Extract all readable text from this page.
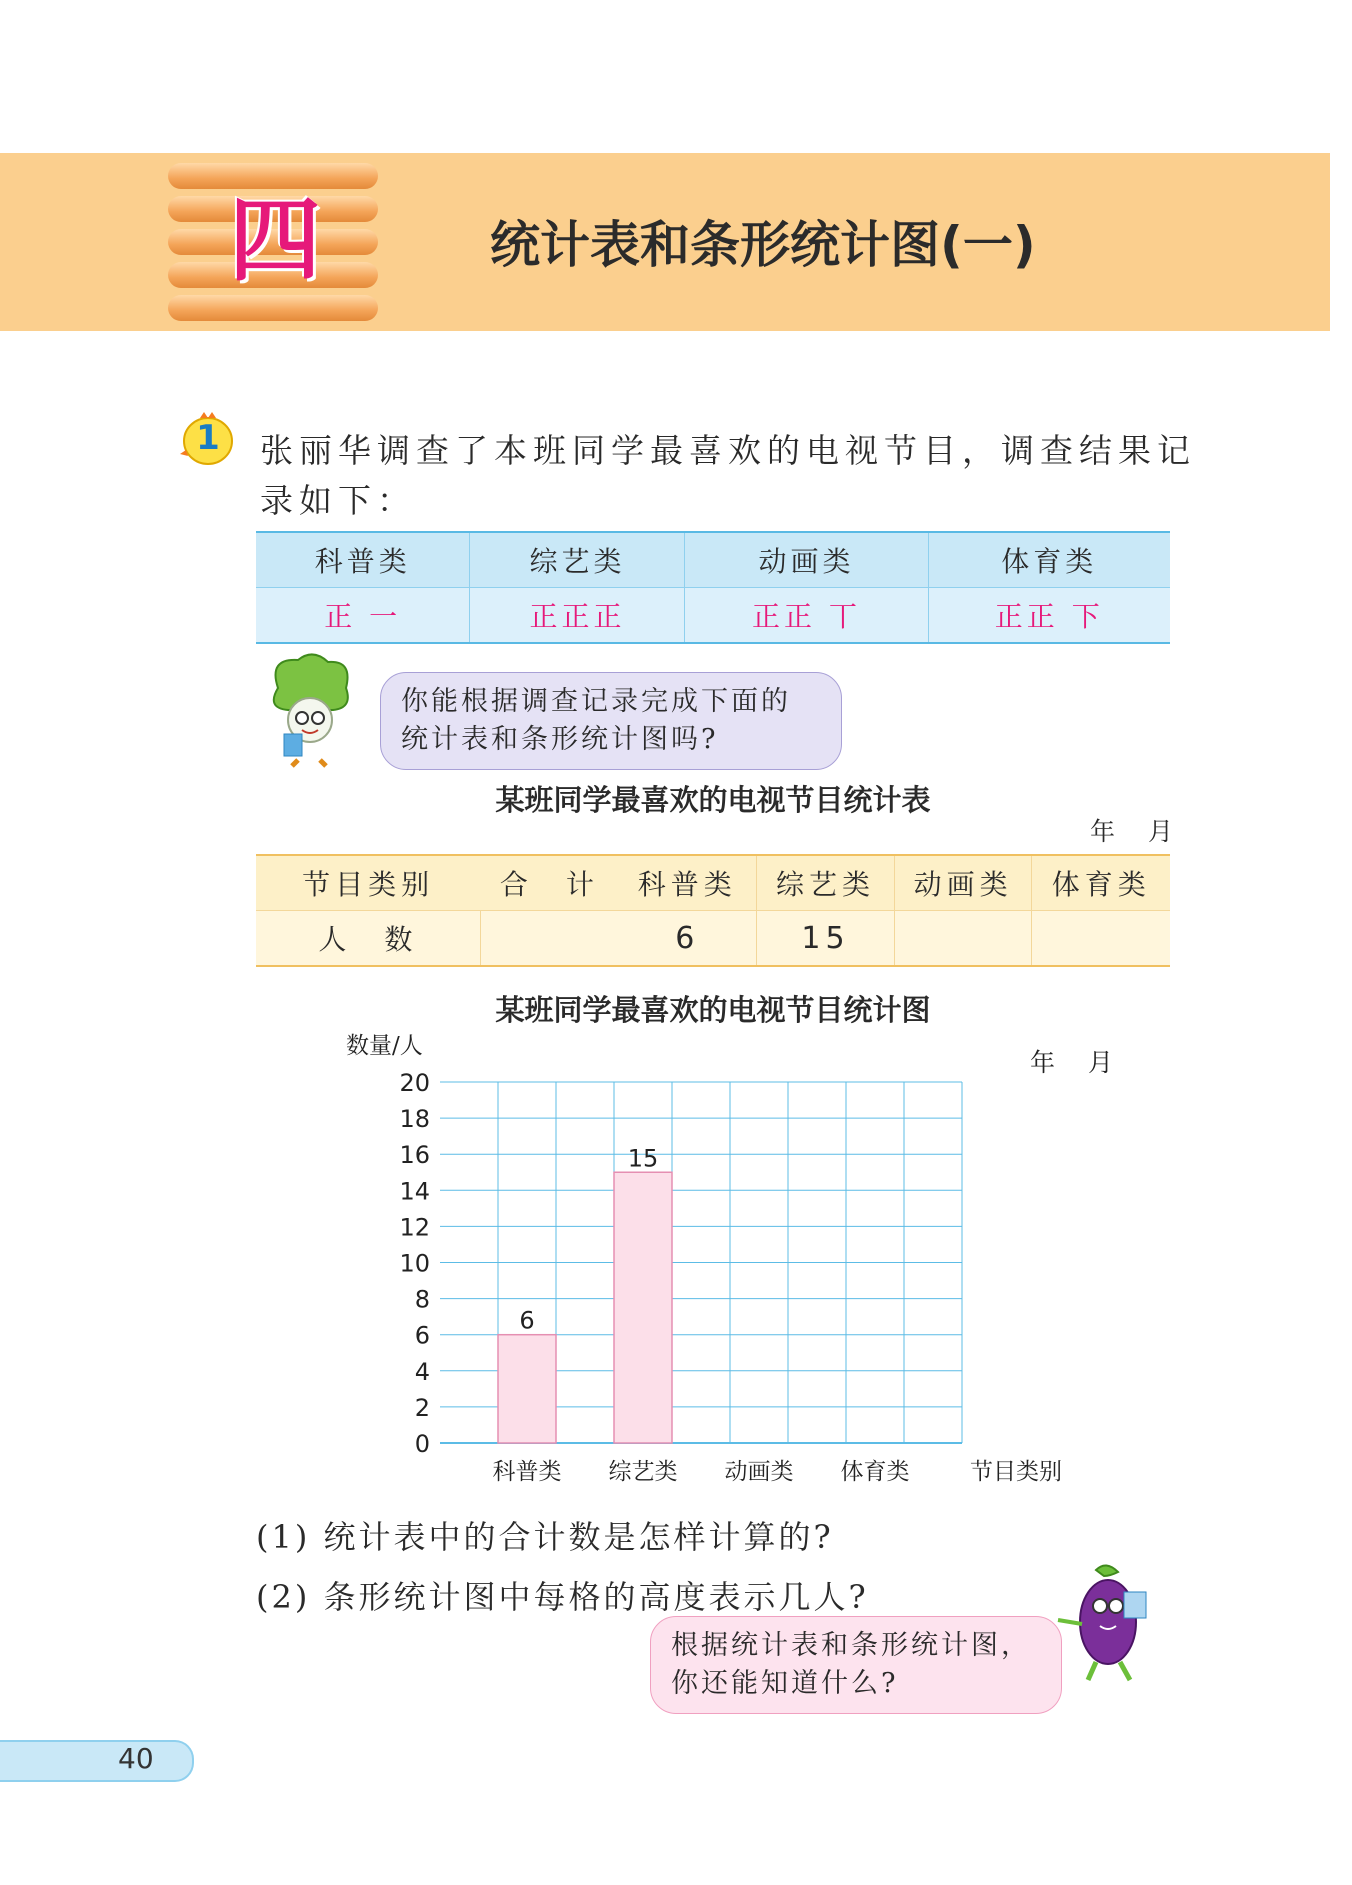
四	统计表和条形统计图(一)
1	张丽华调查了本班同学最喜欢的电视节目，调查结果记
录如下：
科普类	综艺类	动画类	体育类
正 一	正正正	正正 丅	正正 下
你能根据调查记录完成下面的
统计表和条形统计图吗?
某班同学最喜欢的电视节目统计表
年　月
节目类别	合　计	科普类	综艺类	动画类	体育类
人　数		6	15		
某班同学最喜欢的电视节目统计图
0
2
4
6
8
10
12
14
16
18
20
6
科普类
15
综艺类 动画类 体育类	节目类别
数量/人
年　月
(1) 统计表中的合计数是怎样计算的?
(2) 条形统计图中每格的高度表示几人?
根据统计表和条形统计图，
你还能知道什么?
40
